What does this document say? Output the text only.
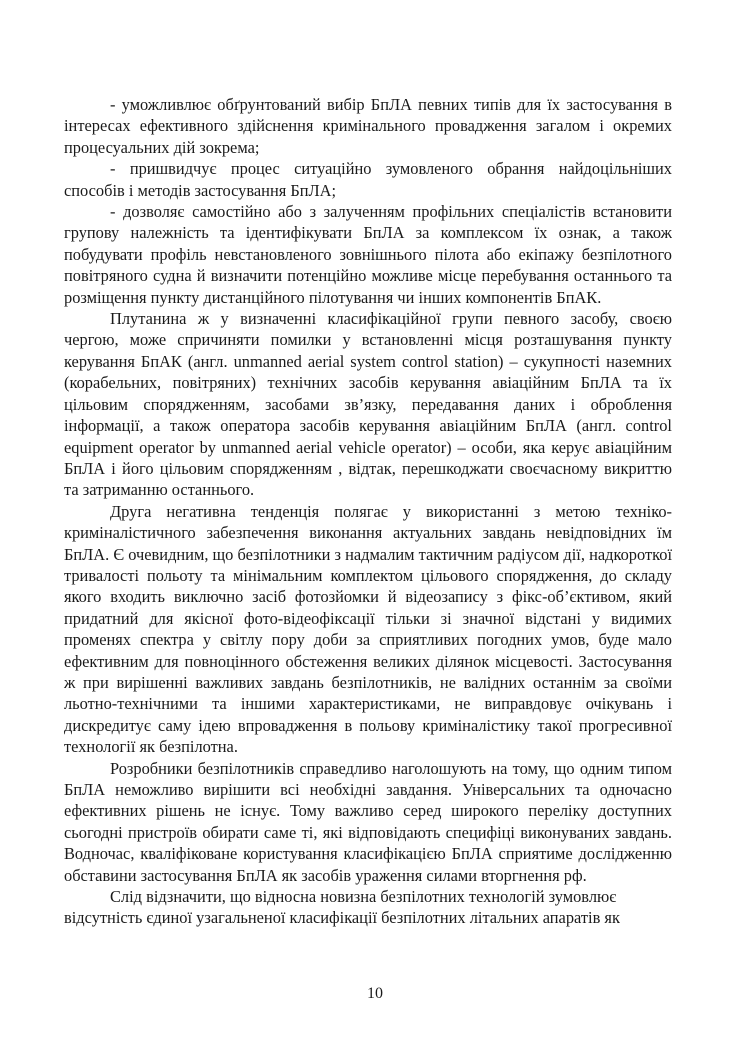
- уможливлює обґрунтований вибір БпЛА певних типів для їх застосування в інтересах ефективного здійснення кримінального провадження загалом і окремих процесуальних дій зокрема;

- пришвидчує процес ситуаційно зумовленого обрання найдоцільніших способів і методів застосування БпЛА;

- дозволяє самостійно або з залученням профільних спеціалістів встановити групову належність та ідентифікувати БпЛА за комплексом їх ознак, а також побудувати профіль невстановленого зовнішнього пілота або екіпажу безпілотного повітряного судна й визначити потенційно можливе місце перебування останнього та розміщення пункту дистанційного пілотування чи інших компонентів БпАК.

Плутанина ж у визначенні класифікаційної групи певного засобу, своєю чергою, може спричиняти помилки у встановленні місця розташування пункту керування БпАК (англ. unmanned aerial system control station) – сукупності наземних (корабельних, повітряних) технічних засобів керування авіаційним БпЛА та їх цільовим спорядженням, засобами зв’язку, передавання даних і оброблення інформації, а також оператора засобів керування авіаційним БпЛА (англ. control equipment operator by unmanned aerial vehicle operator) – особи, яка керує авіаційним БпЛА і його цільовим спорядженням , відтак, перешкоджати своєчасному викриттю та затриманню останнього.

Друга негативна тенденція полягає у використанні з метою техніко-криміналістичного забезпечення виконання актуальних завдань невідповідних їм БпЛА. Є очевидним, що безпілотники з надмалим тактичним радіусом дії, надкороткої тривалості польоту та мінімальним комплектом цільового спорядження, до складу якого входить виключно засіб фотозйомки й відеозапису з фікс-об’єктивом, який придатний для якісної фото-відеофіксації тільки зі значної відстані у видимих променях спектра у світлу пору доби за сприятливих погодних умов, буде мало ефективним для повноцінного обстеження великих ділянок місцевості. Застосування ж при вирішенні важливих завдань безпілотників, не валідних останнім за своїми льотно-технічними та іншими характеристиками, не виправдовує очікувань і дискредитує саму ідею впровадження в польову криміналістику такої прогресивної технології як безпілотна.

Розробники безпілотників справедливо наголошують на тому, що одним типом БпЛА неможливо вирішити всі необхідні завдання. Універсальних та одночасно ефективних рішень не існує. Тому важливо серед широкого переліку доступних сьогодні пристроїв обирати саме ті, які відповідають специфіці виконуваних завдань. Водночас, кваліфіковане користування класифікацією БпЛА сприятиме дослідженню обставини застосування БпЛА як засобів ураження силами вторгнення рф.

Слід відзначити, що відносна новизна безпілотних технологій зумовлює

відсутність єдиної узагальненої класифікації безпілотних літальних апаратів як

10
